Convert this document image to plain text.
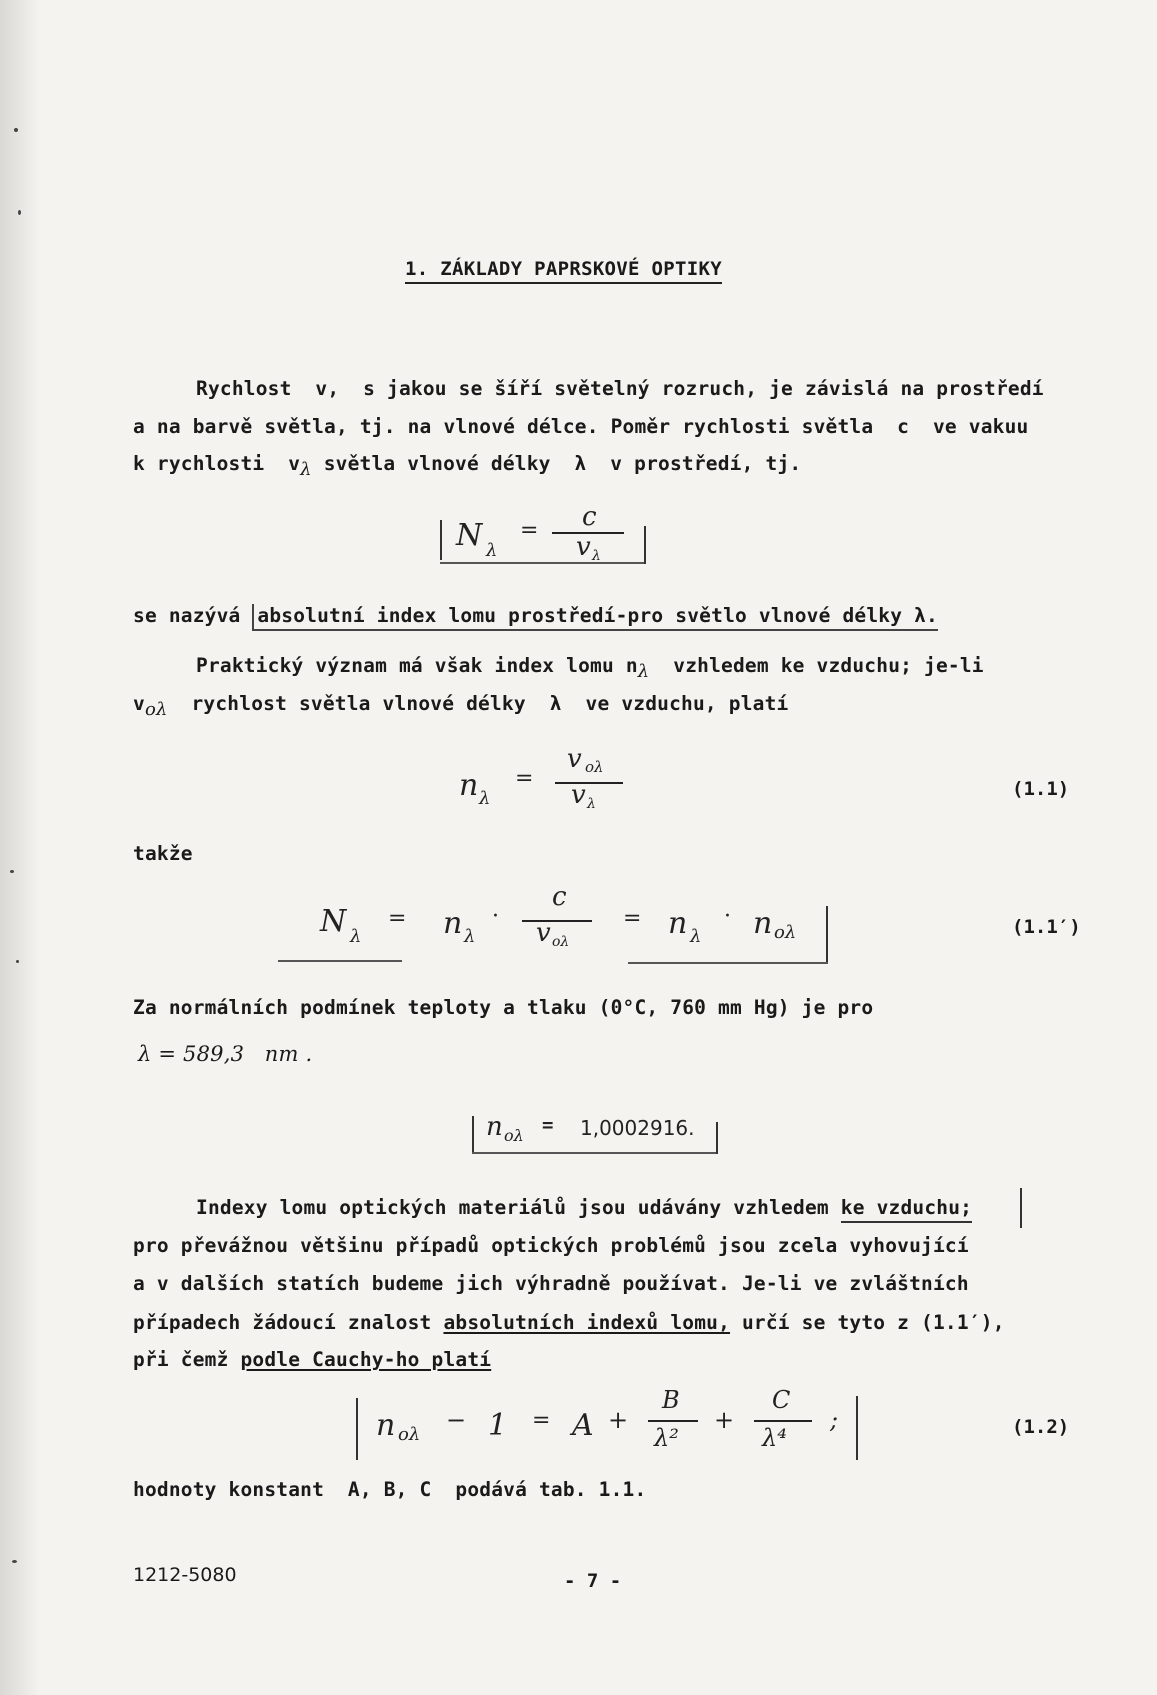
1. ZÁKLADY PAPRSKOVÉ OPTIKY
Rychlost  v,  s jakou se šíří světelný rozruch, je závislá na prostředí
a na barvě světla, tj. na vlnové délce. Poměr rychlosti světla  c  ve vakuu
k rychlosti  $v_\lambda$ světla vlnové délky  λ  v prostředí, tj.
N λ
= c
v λ
se nazývá absolutní index lomu prostředí-pro světlo vlnové délky λ.
Praktický význam má však index lomu $n_\lambda$  vzhledem ke vzduchu; je-li
$v_{o\lambda}$  rychlost světla vlnové délky  λ  ve vzduchu, platí
n λ
=
v oλ
v λ
(1.1)
takže
N λ
= n λ
·
c
v oλ
= n λ
· n oλ	(1.1′)
Za normálních podmínek teploty a tlaku (0°C, 760 mm Hg) je pro
λ = 589,3   nm .
n oλ = 1,0002916.
Indexy lomu optických materiálů jsou udávány vzhledem ke vzduchu;
pro převážnou většinu případů optických problémů jsou zcela vyhovující
a v dalších statích budeme jich výhradně používat. Je-li ve zvláštních
případech žádoucí znalost absolutních indexů lomu, určí se tyto z (1.1′),
při čemž podle Cauchy-ho platí
n oλ
− 1 = A +
B
λ²
+
C
λ⁴
;	(1.2)
hodnoty konstant  A, B, C  podává tab. 1.1.
1212-5080	- 7 -
